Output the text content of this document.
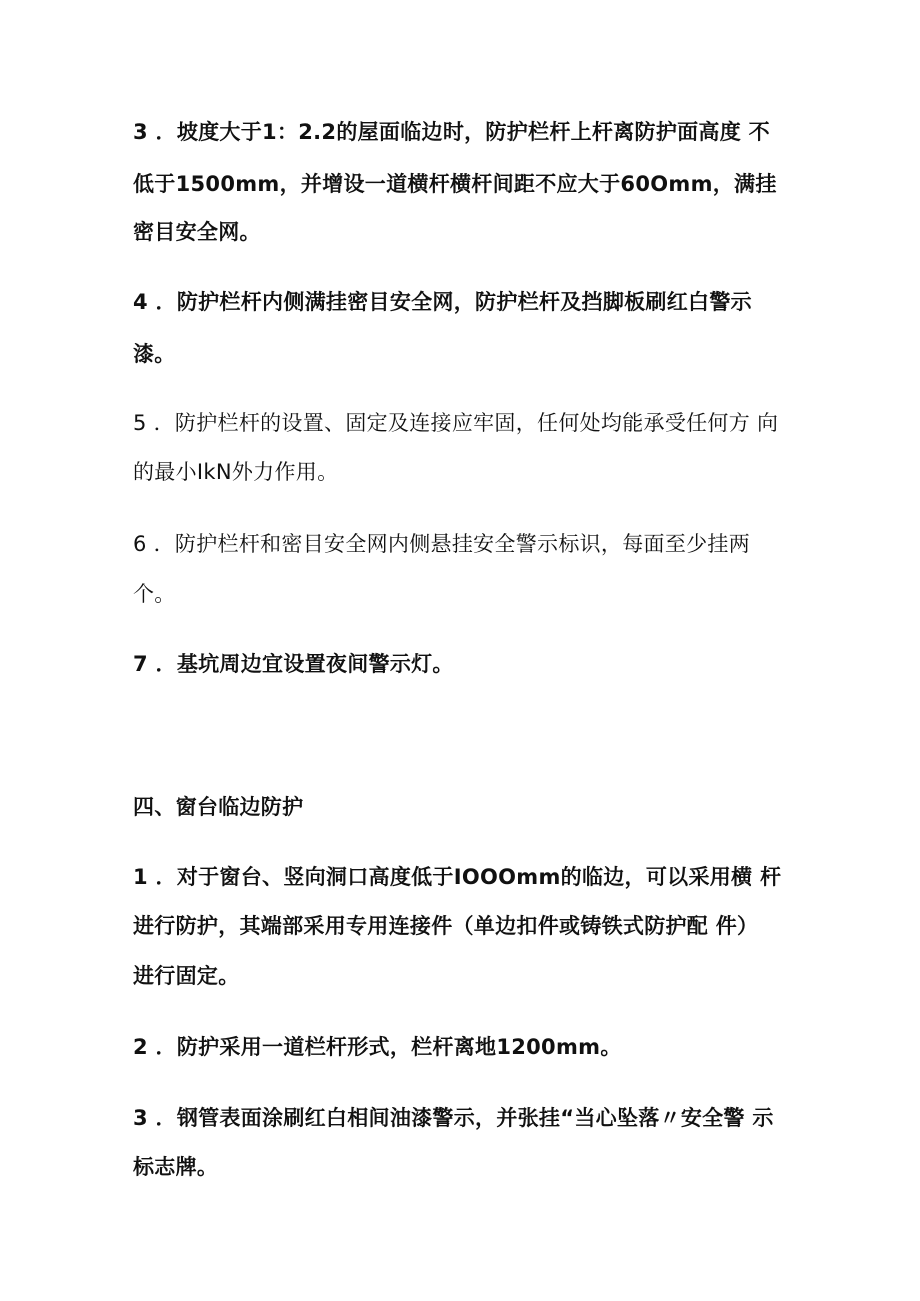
3 ．坡度大于1：2.2的屋面临边时，防护栏杆上杆离防护面高度 不
低于1500mm，并增设一道横杆横杆间距不应大于60Omm，满挂
密目安全网。
4 ．防护栏杆内侧满挂密目安全网，防护栏杆及挡脚板刷红白警示
漆。
5 ．防护栏杆的设置、固定及连接应牢固，任何处均能承受任何方 向
的最小IkN外力作用。
6 ．防护栏杆和密目安全网内侧悬挂安全警示标识，每面至少挂两
个。
7 ．基坑周边宜设置夜间警示灯。
四、窗台临边防护
1 ．对于窗台、竖向洞口高度低于IOOOmm的临边，可以采用横 杆
进行防护，其端部采用专用连接件（单边扣件或铸铁式防护配 件）
进行固定。
2 ．防护采用一道栏杆形式，栏杆离地1200mm。
3 ．钢管表面涂刷红白相间油漆警示，并张挂“当心坠落〃安全警 示
标志牌。
